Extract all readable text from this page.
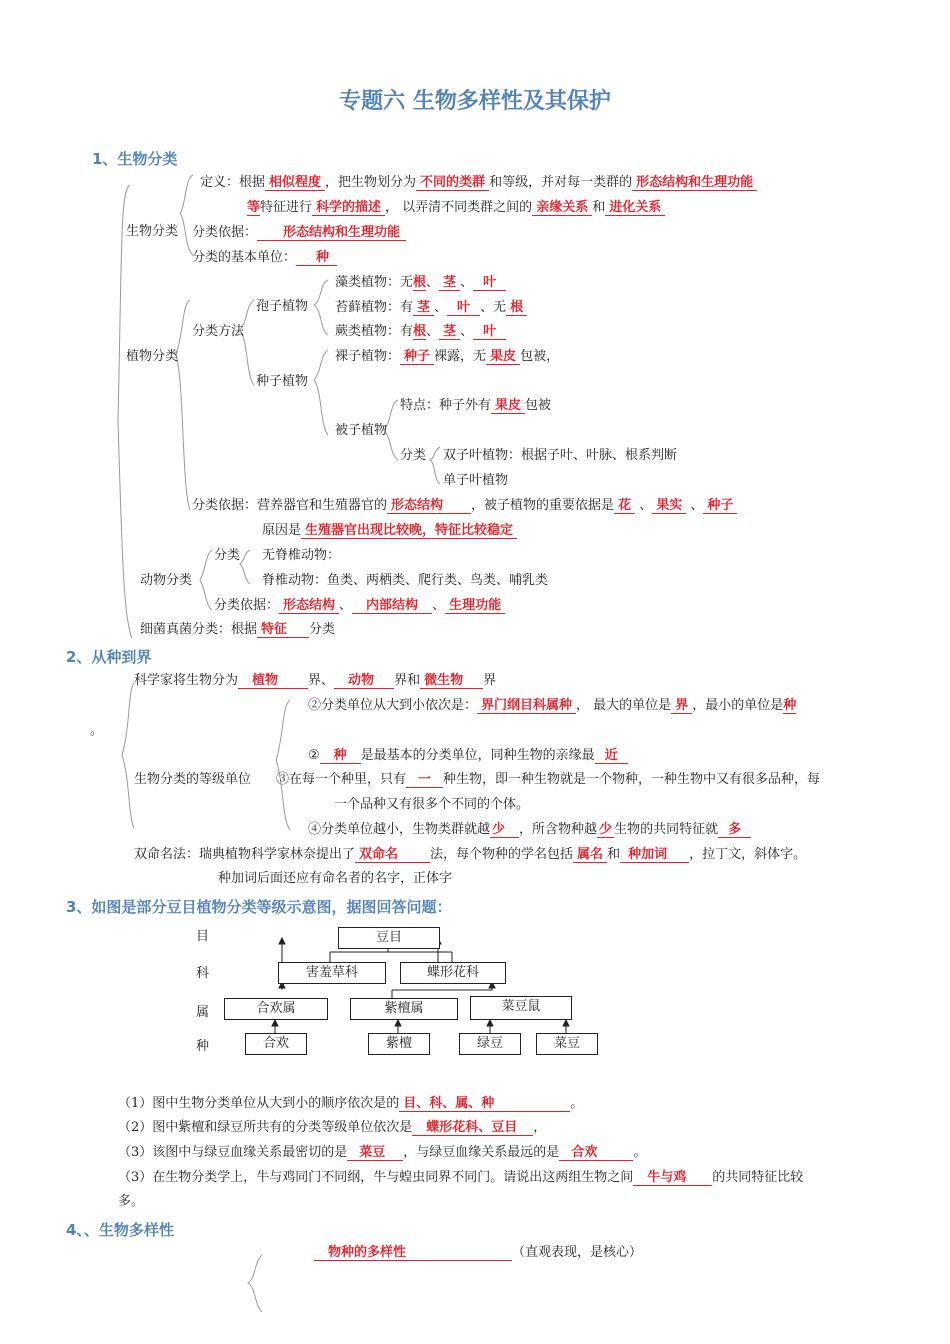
专题六 生物多样性及其保护
1、生物分类
生物分类
定义：根据 相似程度 ，把生物划分为 不同的类群 和等级，并对每一类群的 形态结构和生理功能
等特征进行 科学的描述 ， 以弄清不同类群之间的 亲缘关系 和 进化关系
分类依据： 形态结构和生理功能
分类的基本单位： 种
植物分类
分类方法
孢子植物
种子植物
藻类植物：无根、 茎 、 叶
苔藓植物：有 茎 、 叶 、无 根
蕨类植物：有根、 茎 、 叶
裸子植物： 种子 裸露，无 果皮 包被，
被子植物
特点：种子外有 果皮 包被
分类 双子叶植物：根据子叶、叶脉、根系判断
单子叶植物
分类依据：营养器官和生殖器官的 形态结构 ，被子植物的重要依据是 花 、 果实 、 种子
原因是 生殖器官出现比较晚，特征比较稳定
动物分类
分类 无脊椎动物：
脊椎动物：鱼类、两栖类、爬行类、鸟类、哺乳类
分类依据： 形态结构 、 内部结构 、 生理功能
细菌真菌分类：根据 特征 分类
2、从种到界
科学家将生物分为 植物 界、 动物 界和 微生物 界
。
生物分类的等级单位
②分类单位从大到小依次是： 界门纲目科属种 ， 最大的单位是 界 ，最小的单位是种
② 种 是最基本的分类单位，同种生物的亲缘最 近
③在每一个种里，只有 一 种生物，即一种生物就是一个物种，一种生物中又有很多品种，每
一个品种又有很多个不同的个体。
④分类单位越小，生物类群就越 少 ，所含物种越 少 生物的共同特征就 多
双命名法：瑞典植物科学家林奈提出了 双命名 法，每个物种的学名包括 属名 和 种加词 ，拉丁文，斜体字。
种加词后面还应有命名者的名字，正体字
3、如图是部分豆目植物分类等级示意图，据图回答问题：
目
科
属
种
豆目
害羞草科	蝶形花科
合欢属	紫檀属	菜豆鼠
合欢	紫檀	绿豆	菜豆
（1）图中生物分类单位从大到小的顺序依次是的 目、科、属、种	。
（2）图中紫檀和绿豆所共有的分类等级单位依次是 蝶形花科、豆目 ，
（3）该图中与绿豆血缘关系最密切的是 菜豆 ，与绿豆血缘关系最远的是 合欢	。
（3）在生物分类学上，牛与鸡同门不同纲，牛与蝗虫同界不同门。请说出这两组生物之间 牛与鸡 的共同特征比较
多。
4、、生物多样性
物种的多样性	（直观表现，是核心）
